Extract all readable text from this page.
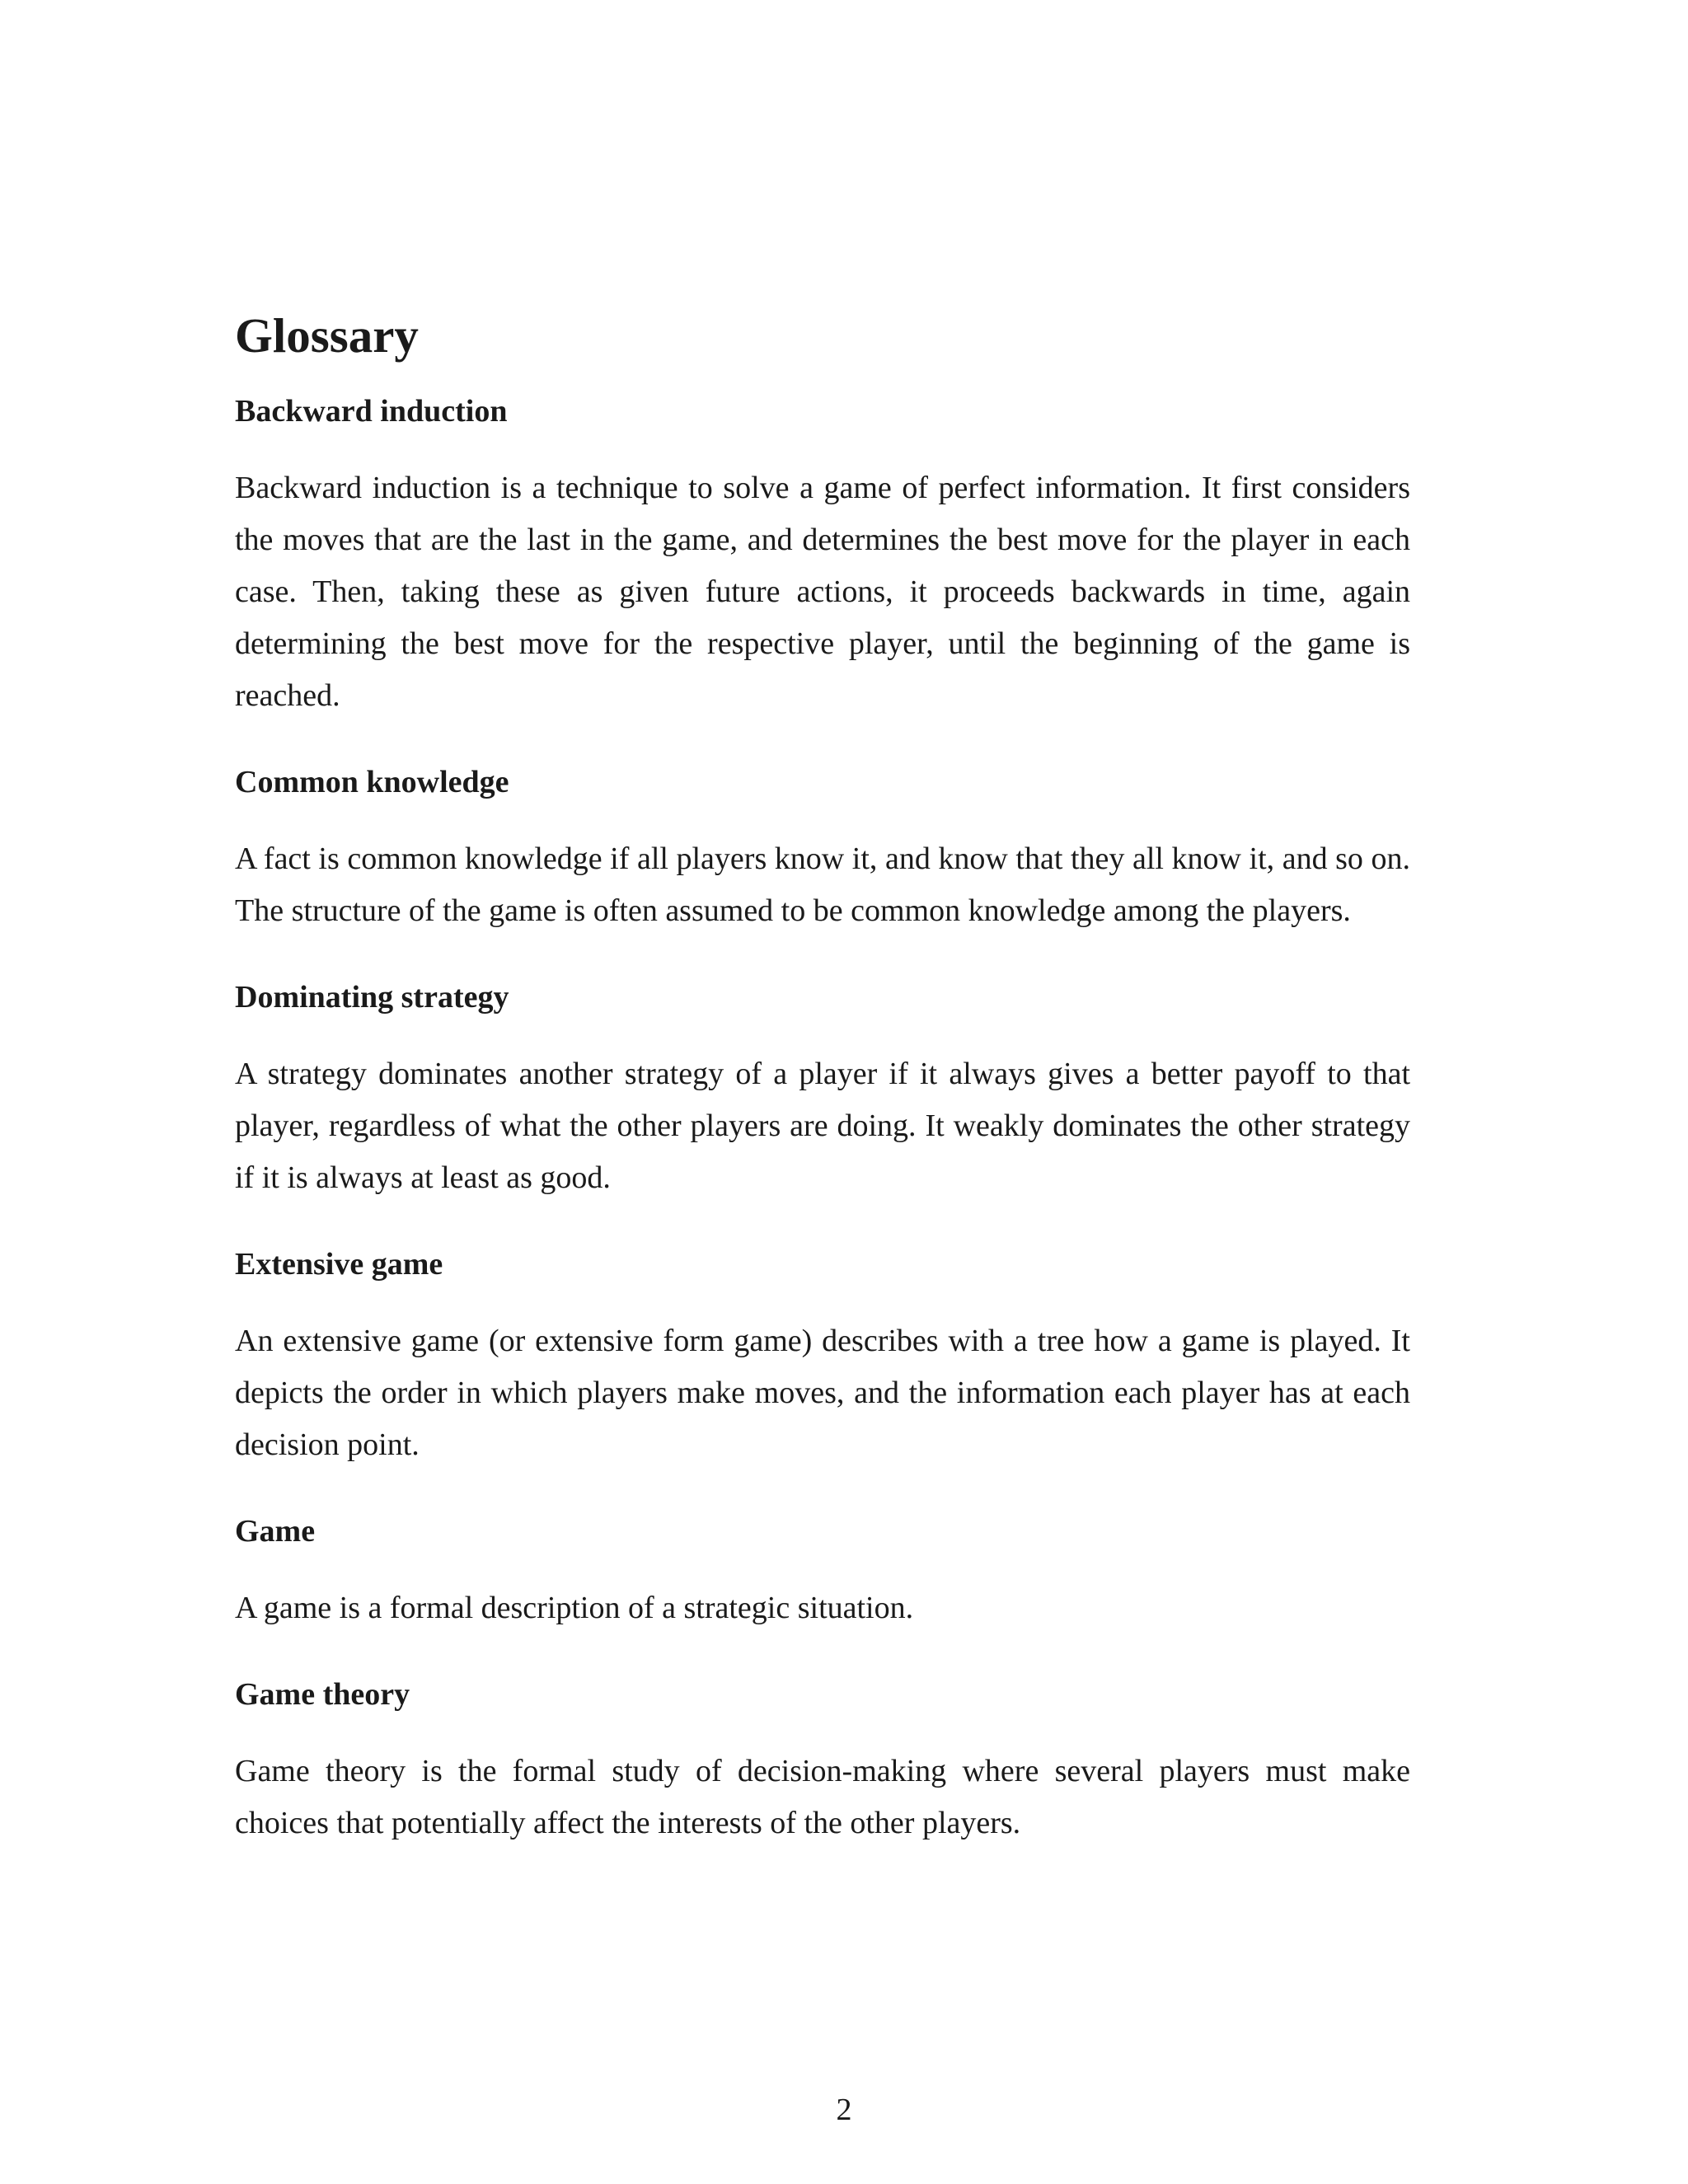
Glossary

Backward induction

Backward induction is a technique to solve a game of perfect information. It first considers the moves that are the last in the game, and determines the best move for the player in each case. Then, taking these as given future actions, it proceeds backwards in time, again determining the best move for the respective player, until the beginning of the game is reached.

Common knowledge

A fact is common knowledge if all players know it, and know that they all know it, and so on. The structure of the game is often assumed to be common knowledge among the players.

Dominating strategy

A strategy dominates another strategy of a player if it always gives a better payoff to that player, regardless of what the other players are doing. It weakly dominates the other strategy if it is always at least as good.

Extensive game

An extensive game (or extensive form game) describes with a tree how a game is played. It depicts the order in which players make moves, and the information each player has at each decision point.

Game

A game is a formal description of a strategic situation.

Game theory

Game theory is the formal study of decision-making where several players must make choices that potentially affect the interests of the other players.

2
